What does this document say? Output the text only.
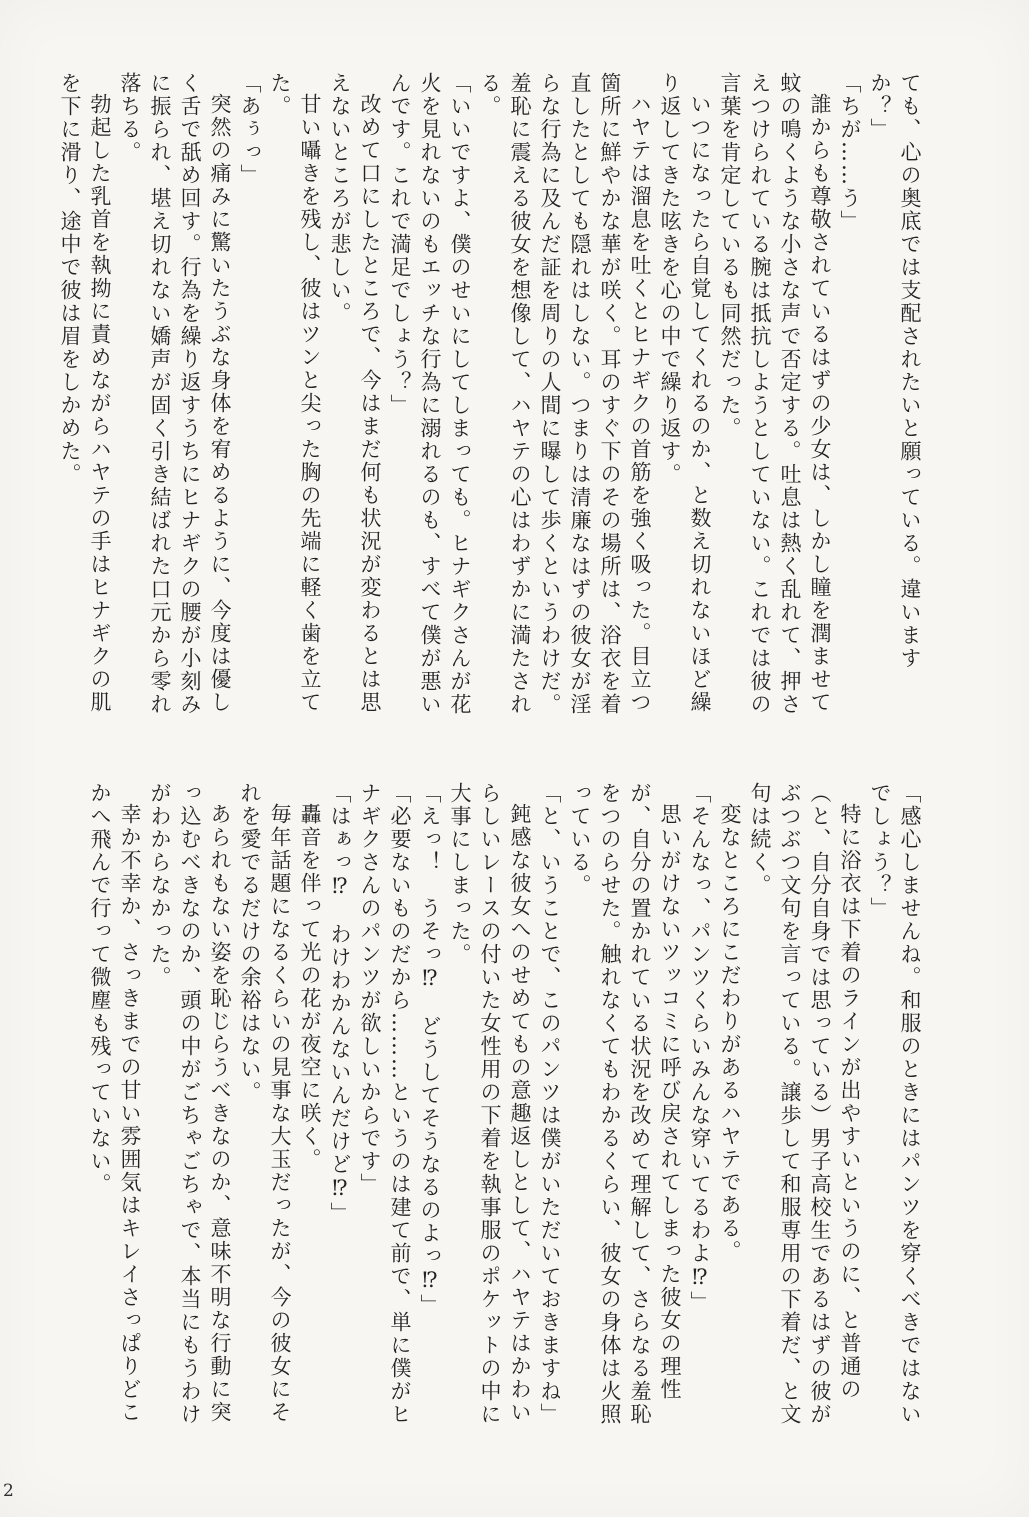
ても、心の奥底では支配されたいと願っている。違いますか？」

「ちが……う」

誰からも尊敬されているはずの少女は、しかし瞳を潤ませて蚊の鳴くような小さな声で否定する。吐息は熱く乱れて、押さえつけられている腕は抵抗しようとしていない。これでは彼の言葉を肯定しているも同然だった。

いつになったら自覚してくれるのか、と数え切れないほど繰り返してきた呟きを心の中で繰り返す。

ハヤテは溜息を吐くとヒナギクの首筋を強く吸った。目立つ箇所に鮮やかな華が咲く。耳のすぐ下のその場所は、浴衣を着直したとしても隠れはしない。つまりは清廉なはずの彼女が淫らな行為に及んだ証を周りの人間に曝して歩くというわけだ。羞恥に震える彼女を想像して、ハヤテの心はわずかに満たされる。

「いいですよ、僕のせいにしてしまっても。ヒナギクさんが花火を見れないのもエッチな行為に溺れるのも、すべて僕が悪いんです。これで満足でしょう？」

改めて口にしたところで、今はまだ何も状況が変わるとは思えないところが悲しい。

甘い囁きを残し、彼はツンと尖った胸の先端に軽く歯を立てた。

「あぅっ」

突然の痛みに驚いたうぶな身体を宥めるように、今度は優しく舌で舐め回す。行為を繰り返すうちにヒナギクの腰が小刻みに振られ、堪え切れない嬌声が固く引き結ばれた口元から零れ落ちる。

勃起した乳首を執拗に責めながらハヤテの手はヒナギクの肌を下に滑り、途中で彼は眉をしかめた。

「感心しませんね。和服のときにはパンツを穿くべきではないでしょう？」

特に浴衣は下着のラインが出やすいというのに、と普通の（と、自分自身では思っている）男子高校生であるはずの彼がぶつぶつ文句を言っている。譲歩して和服専用の下着だ、と文句は続く。

変なところにこだわりがあるハヤテである。

「そんなっ、パンツくらいみんな穿いてるわよ⁉」

思いがけないツッコミに呼び戻されてしまった彼女の理性が、自分の置かれている状況を改めて理解して、さらなる羞恥をつのらせた。触れなくてもわかるくらい、彼女の身体は火照っている。

「と、いうことで、このパンツは僕がいただいておきますね」

鈍感な彼女へのせめてもの意趣返しとして、ハヤテはかわいらしいレースの付いた女性用の下着を執事服のポケットの中に大事にしまった。

「えっ！　うそっ⁉　どうしてそうなるのよっ⁉」

「必要ないものだから………というのは建て前で、単に僕がヒナギクさんのパンツが欲しいからです」

「はぁっ⁉　わけわかんないんだけど⁉」

轟音を伴って光の花が夜空に咲く。

毎年話題になるくらいの見事な大玉だったが、今の彼女にそれを愛でるだけの余裕はない。

あられもない姿を恥じらうべきなのか、意味不明な行動に突っ込むべきなのか、頭の中がごちゃごちゃで、本当にもうわけがわからなかった。

幸か不幸か、さっきまでの甘い雰囲気はキレイさっぱりどこかへ飛んで行って微塵も残っていない。

2
